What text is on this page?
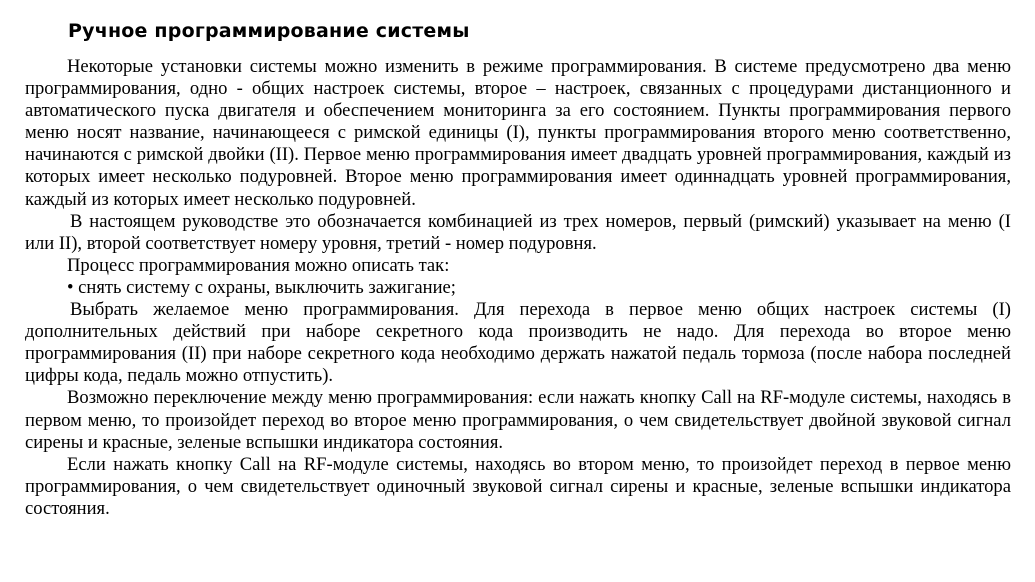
Ручное программирование системы

Некоторые установки системы можно изменить в режиме программирования. В системе предусмотрено два меню программирования, одно - общих настроек системы, второе – настроек, связанных с процедурами дистанционного и автоматического пуска двигателя и обеспечением мониторинга за его состоянием. Пункты программирования первого меню носят название, начинающееся с римской единицы (I), пункты программирования второго меню соответственно, начинаются с римской двойки (II). Первое меню программирования имеет двадцать уровней программирования, каждый из которых имеет несколько подуровней. Второе меню программирования имеет одиннадцать уровней программирования, каждый из которых имеет несколько подуровней.

В настоящем руководстве это обозначается комбинацией из трех номеров, первый (римский) указывает на меню (I или II), второй соответствует номеру уровня, третий - номер подуровня.

Процесс программирования можно описать так:

• снять систему с охраны, выключить зажигание;

Выбрать желаемое меню программирования. Для перехода в первое меню общих настроек системы (I) дополнительных действий при наборе секретного кода производить не надо. Для перехода во второе меню программирования (II) при наборе секретного кода необходимо держать нажатой педаль тормоза (после набора последней цифры кода, педаль можно отпустить).

Возможно переключение между меню программирования: если нажать кнопку Call на RF-модуле системы, находясь в первом меню, то произойдет переход во второе меню программирования, о чем свидетельствует двойной звуковой сигнал сирены и красные, зеленые вспышки индикатора состояния.

Если нажать кнопку Call на RF-модуле системы, находясь во втором меню, то произойдет переход в первое меню программирования, о чем свидетельствует одиночный звуковой сигнал сирены и красные, зеленые вспышки индикатора состояния.
